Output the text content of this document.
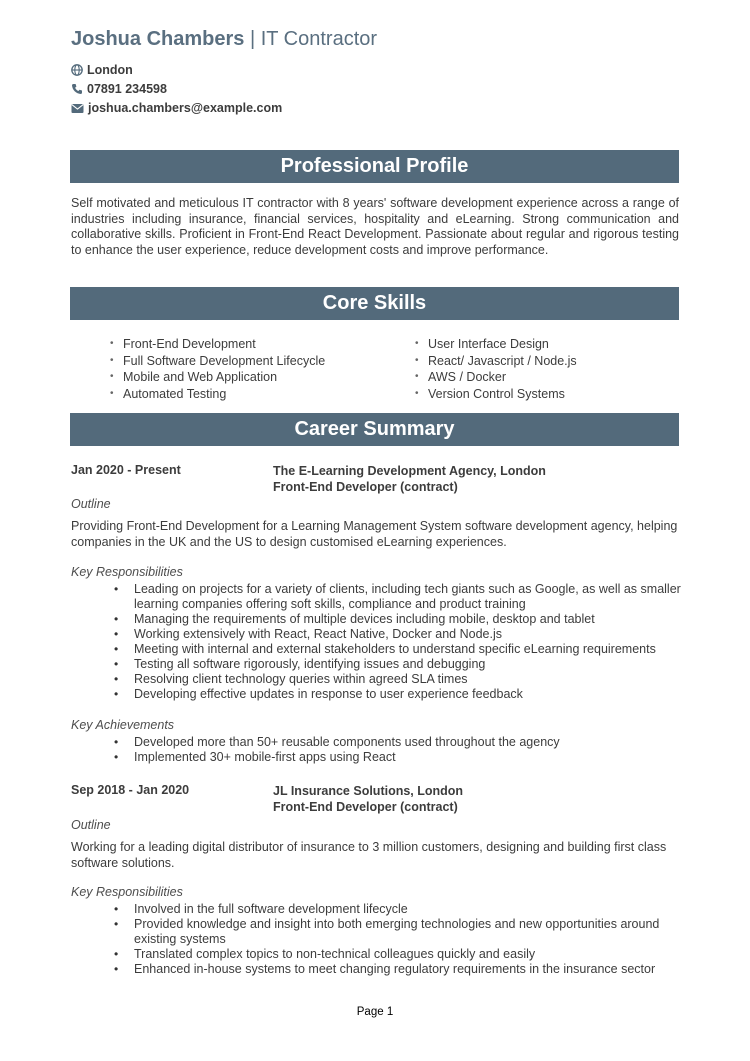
Joshua Chambers | IT Contractor
London
07891 234598
joshua.chambers@example.com
Professional Profile

Self motivated and meticulous IT contractor with 8 years' software development experience across a range of industries including insurance, financial services, hospitality and eLearning. Strong communication and collaborative skills. Proficient in Front-End React Development. Passionate about regular and rigorous testing to enhance the user experience, reduce development costs and improve performance.

Core Skills
• Front-End Development
• Full Software Development Lifecycle
• Mobile and Web Application
• Automated Testing
• User Interface Design
• React/ Javascript / Node.js
• AWS / Docker
• Version Control Systems
Career Summary
Jan 2020 - Present	The E-Learning Development Agency, London
Front-End Developer (contract)
Outline

Providing Front-End Development for a Learning Management System software development agency, helping companies in the UK and the US to design customised eLearning experiences.

Key Responsibilities
• Leading on projects for a variety of clients, including tech giants such as Google, as well as smaller learning companies offering soft skills, compliance and product training
• Managing the requirements of multiple devices including mobile, desktop and tablet
• Working extensively with React, React Native, Docker and Node.js
• Meeting with internal and external stakeholders to understand specific eLearning requirements
• Testing all software rigorously, identifying issues and debugging
• Resolving client technology queries within agreed SLA times
• Developing effective updates in response to user experience feedback
Key Achievements
• Developed more than 50+ reusable components used throughout the agency
• Implemented 30+ mobile-first apps using React
Sep 2018 - Jan 2020	JL Insurance Solutions, London
Front-End Developer (contract)
Outline

Working for a leading digital distributor of insurance to 3 million customers, designing and building first class software solutions.

Key Responsibilities
• Involved in the full software development lifecycle
• Provided knowledge and insight into both emerging technologies and new opportunities around existing systems
• Translated complex topics to non-technical colleagues quickly and easily
• Enhanced in-house systems to meet changing regulatory requirements in the insurance sector
Page 1
